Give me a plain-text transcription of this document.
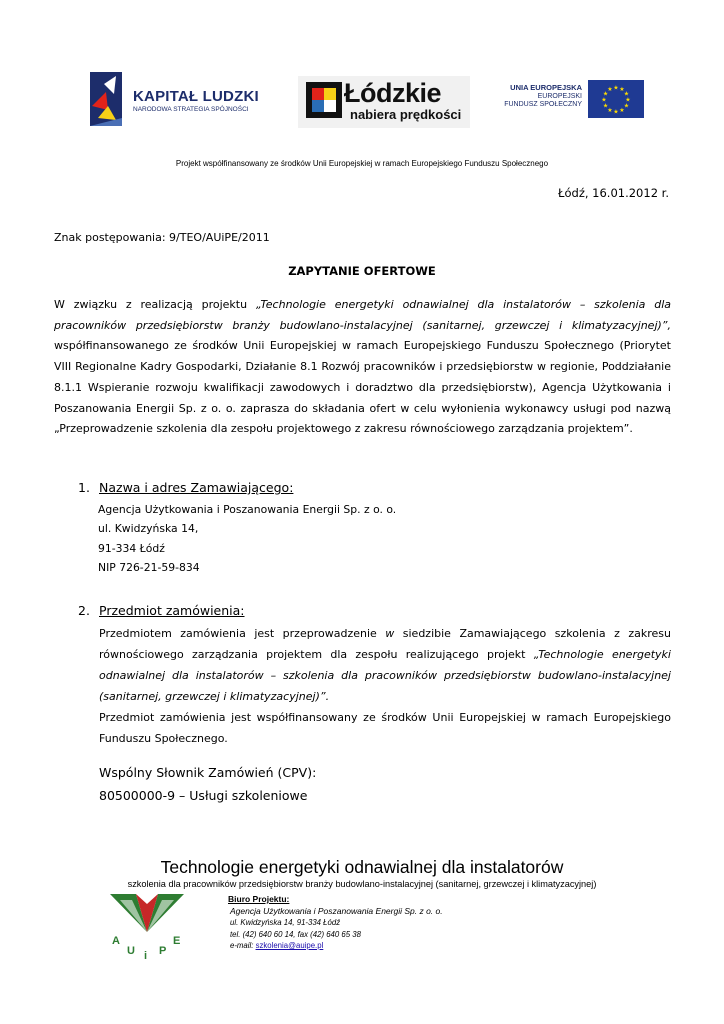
KAPITAŁ LUDZKI
NARODOWA STRATEGIA SPÓJNOŚCI
Łódzkie
nabiera prędkości
UNIA EUROPEJSKA
EUROPEJSKI
FUNDUSZ SPOŁECZNY
★
★
★
★
★
★
★
★
★ ★ ★
★
Projekt współfinansowany ze środków Unii Europejskiej w ramach Europejskiego Funduszu Społecznego
Łódź, 16.01.2012 r.
Znak postępowania: 9/TEO/AUiPE/2011
ZAPYTANIE OFERTOWE
W związku z realizacją projektu „Technologie energetyki odnawialnej dla instalatorów – szkolenia dla pracowników przedsiębiorstw branży budowlano-instalacyjnej (sanitarnej, grzewczej i klimatyzacyjnej)”, współfinansowanego ze środków Unii Europejskiej w ramach Europejskiego Funduszu Społecznego (Priorytet VIII Regionalne Kadry Gospodarki, Działanie 8.1 Rozwój pracowników i przedsiębiorstw w regionie, Poddziałanie 8.1.1 Wspieranie rozwoju kwalifikacji zawodowych i doradztwo dla przedsiębiorstw), Agencja Użytkowania i Poszanowania Energii Sp. z o. o. zaprasza do składania ofert w celu wyłonienia wykonawcy usługi pod nazwą „Przeprowadzenie szkolenia dla zespołu projektowego z zakresu równościowego zarządzania projektem”.
1. Nazwa i adres Zamawiającego:
Agencja Użytkowania i Poszanowania Energii Sp. z o. o.
ul. Kwidzyńska 14,
91-334 Łódź
NIP 726-21-59-834
2. Przedmiot zamówienia:
Przedmiotem zamówienia jest przeprowadzenie w siedzibie Zamawiającego szkolenia z zakresu równościowego zarządzania projektem dla zespołu realizującego projekt „Technologie energetyki odnawialnej dla instalatorów – szkolenia dla pracowników przedsiębiorstw budowlano-instalacyjnej (sanitarnej, grzewczej i klimatyzacyjnej)”.
Przedmiot zamówienia jest współfinansowany ze środków Unii Europejskiej w ramach Europejskiego Funduszu Społecznego.
Wspólny Słownik Zamówień (CPV):
80500000-9 – Usługi szkoleniowe
Technologie energetyki odnawialnej dla instalatorów
szkolenia dla pracowników przedsiębiorstw branży budowlano-instalacyjnej (sanitarnej, grzewczej i klimatyzacyjnej)
A
U i P
E
Biuro Projektu:
Agencja Użytkowania i Poszanowania Energii Sp. z o. o.
ul. Kwidzyńska 14, 91-334 Łódź
tel. (42) 640 60 14, fax (42) 640 65 38
e-mail: szkolenia@auipe.pl
